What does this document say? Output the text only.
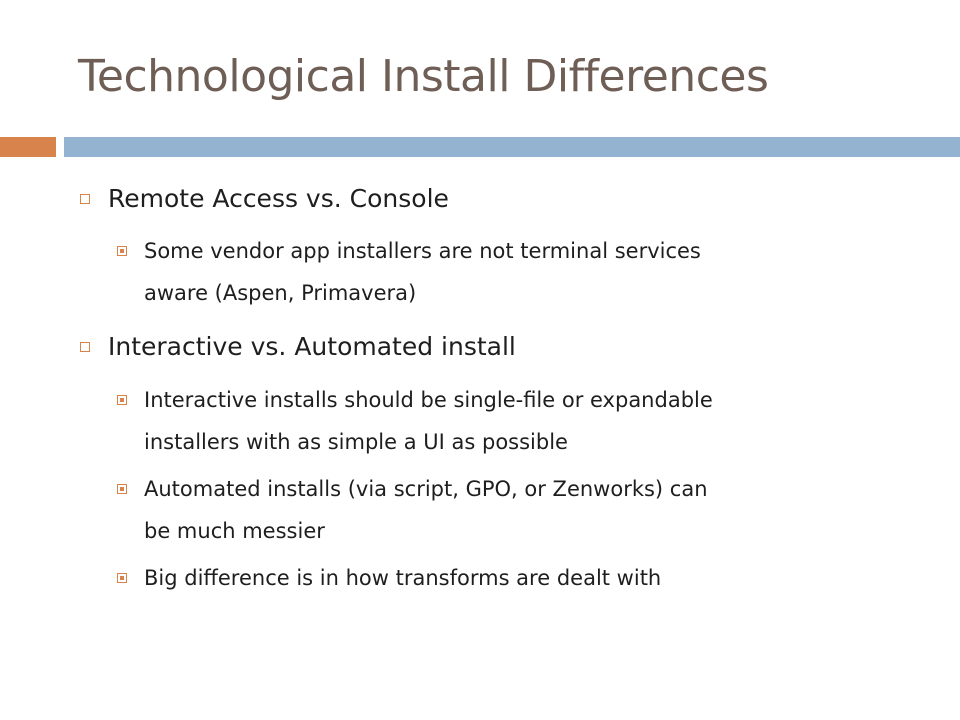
Technological Install Differences
Remote Access vs. Console
Some vendor app installers are not terminal services
aware (Aspen, Primavera)
Interactive vs. Automated install
Interactive installs should be single-file or expandable
installers with as simple a UI as possible
Automated installs (via script, GPO, or Zenworks) can
be much messier
Big difference is in how transforms are dealt with
